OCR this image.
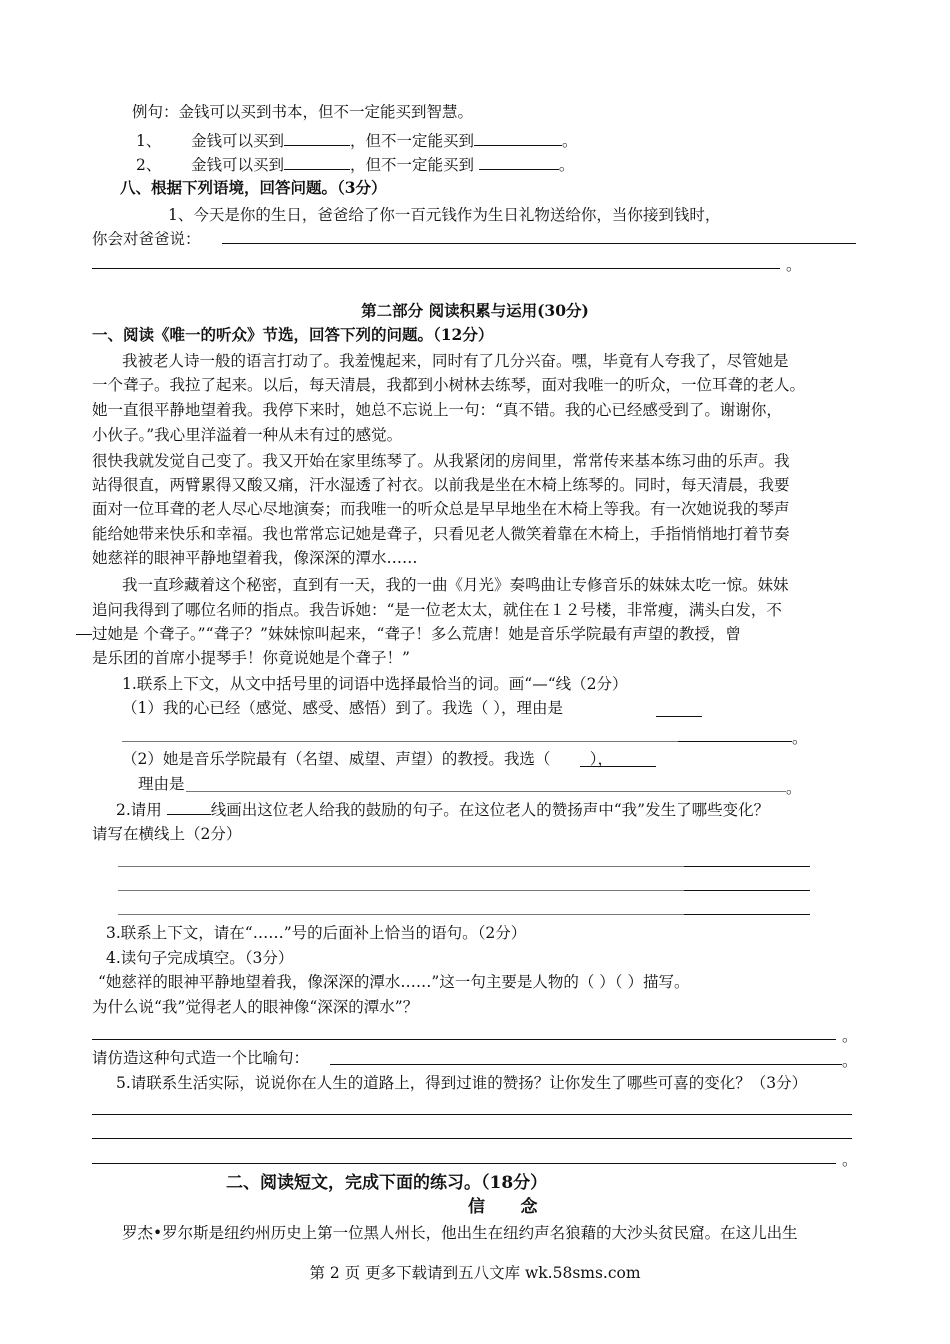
例句：金钱可以买到书本，但不一定能买到智慧。
1、 金钱可以买到	，但不一定能买到	。
2、 金钱可以买到	，但不一定能买到	。
八、根据下列语境，回答问题。（3分）
1、今天是你的生日，爸爸给了你一百元钱作为生日礼物送给你，当你接到钱时，
你会对爸爸说：
。
第二部分 阅读积累与运用(30分)
一、阅读《唯一的听众》节选，回答下列的问题。（12分）
我被老人诗一般的语言打动了。我羞愧起来，同时有了几分兴奋。嘿，毕竟有人夸我了，尽管她是
一个聋子。我拉了起来。以后，每天清晨，我都到小树林去练琴，面对我唯一的听众，一位耳聋的老人。
她一直很平静地望着我。我停下来时，她总不忘说上一句：“真不错。我的心已经感受到了。谢谢你，
小伙子。”我心里洋溢着一种从未有过的感觉。
很快我就发觉自己变了。我又开始在家里练琴了。从我紧闭的房间里，常常传来基本练习曲的乐声。我
站得很直，两臂累得又酸又痛，汗水湿透了衬衣。以前我是坐在木椅上练琴的。同时，每天清晨，我要
面对一位耳聋的老人尽心尽地演奏；而我唯一的听众总是早早地坐在木椅上等我。有一次她说我的琴声
能给她带来快乐和幸福。我也常常忘记她是聋子，只看见老人微笑着靠在木椅上，手指悄悄地打着节奏
她慈祥的眼神平静地望着我，像深深的潭水……
我一直珍藏着这个秘密，直到有一天，我的一曲《月光》奏鸣曲让专修音乐的妹妹太吃一惊。妹妹
追问我得到了哪位名师的指点。我告诉她：“是一位老太太，就住在１２号楼，非常瘦，满头白发，不
过她是 个聋子。”“聋子？”妹妹惊叫起来，“聋子！多么荒唐！她是音乐学院最有声望的教授，曾
是乐团的首席小提琴手！你竟说她是个聋子！”
1.联系上下文，从文中括号里的词语中选择最恰当的词。画“—“线（2分）
（1）我的心已经（感觉、感受、感悟）到了。我选（ ），理由是
。
（2）她是音乐学院最有（名望、威望、声望）的教授。我选（	），
理由是	。
2.请用	线画出这位老人给我的鼓励的句子。在这位老人的赞扬声中“我”发生了哪些变化？
请写在横线上（2分）
3.联系上下文，请在“……”号的后面补上恰当的语句。（2分）
4.读句子完成填空。（3分）
“她慈祥的眼神平静地望着我，像深深的潭水……”这一句主要是人物的（ ）（ ）描写。
为什么说“我”觉得老人的眼神像“深深的潭水”？
。
请仿造这种句式造一个比喻句：	。
5.请联系生活实际，说说你在人生的道路上，得到过谁的赞扬？让你发生了哪些可喜的变化？（3分）
。
二、阅读短文，完成下面的练习。（18分）
信      念
罗杰•罗尔斯是纽约州历史上第一位黑人州长，他出生在纽约声名狼藉的大沙头贫民窟。在这儿出生
第 2 页 更多下载请到五八文库 wk.58sms.com
